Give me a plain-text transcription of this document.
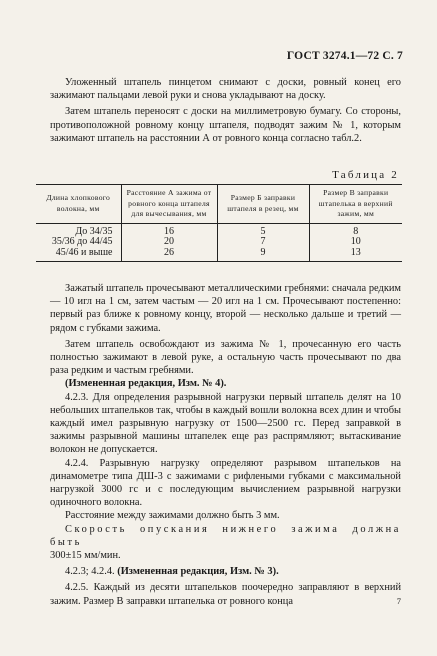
ГОСТ 3274.1—72 С. 7

Уложенный штапель пинцетом снимают с доски, ровный конец его зажимают пальцами левой руки и снова укладывают на доску.

Затем штапель переносят с доски на миллиметровую бумагу. Со стороны, противоположной ровному концу штапеля, подводят зажим № 1, которым зажимают штапель на расстоянии А от ровного конца согласно табл.2.

Таблица 2
Длина хлопкового волокна, мм	Расстояние А зажима от ровного конца штапеля для вычесывания, мм	Размер Б заправки штапеля в резец, мм	Размер В заправки штапелька в верхний зажим, мм
До 34/35	16	5	8
35/36 до 44/45	20	7	10
45/46 и выше	26	9	13

Зажатый штапель прочесывают металлическими гребнями: сначала редким — 10 игл на 1 см, затем частым — 20 игл на 1 см. Прочесывают постепенно: первый раз ближе к ровному концу, второй — несколько дальше и третий — рядом с губками зажима.

Затем штапель освобождают из зажима № 1, прочесанную его часть полностью зажимают в левой руке, а остальную часть прочесывают по два раза редким и частым гребнями.

(Измененная редакция, Изм. № 4).

4.2.3. Для определения разрывной нагрузки первый штапель делят на 10 небольших штапельков так, чтобы в каждый вошли волокна всех длин и чтобы каждый имел разрывную нагрузку от 1500—2500 гс. Перед заправкой в зажимы разрывной машины штапелек еще раз распрямляют; вытаскивание волокон не допускается.

4.2.4. Разрывную нагрузку определяют разрывом штапельков на динамометре типа ДШ-3 с зажимами с рифлеными губками с максимальной нагрузкой 3000 гс и с последующим вычислением разрывной нагрузки одиночного волокна.

Расстояние между зажимами должно быть 3 мм.

Скорость опускания нижнего зажима должна быть

300±15 мм/мин.

4.2.3; 4.2.4. (Измененная редакция, Изм. № 3).

4.2.5. Каждый из десяти штапельков поочередно заправляют в верхний зажим. Размер В заправки штапелька от ровного конца	7
